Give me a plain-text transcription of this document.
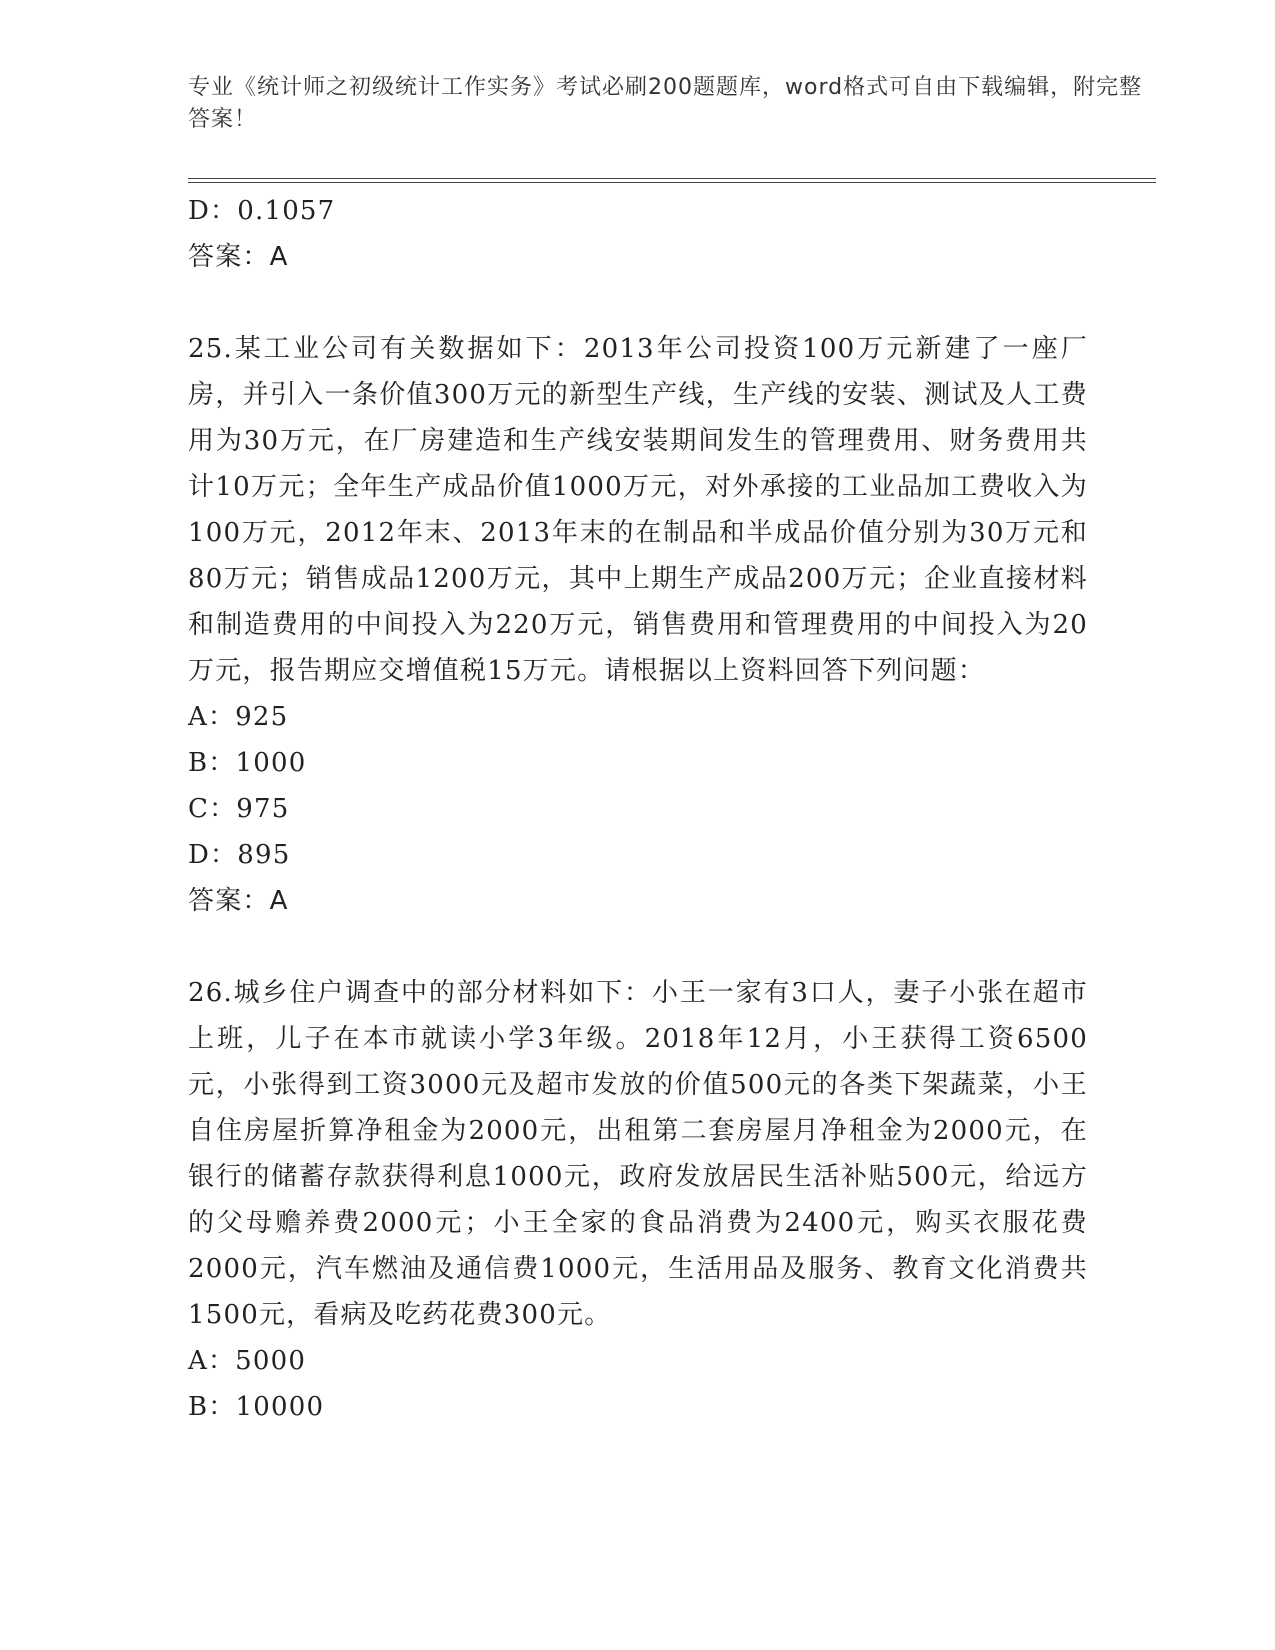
专业《统计师之初级统计工作实务》考试必刷200题题库，word格式可自由下载编辑，附完整答案！

D：0.1057

答案：A

25.某工业公司有关数据如下：2013年公司投资100万元新建了一座厂房，并引入一条价值300万元的新型生产线，生产线的安装、测试及人工费用为30万元，在厂房建造和生产线安装期间发生的管理费用、财务费用共计10万元；全年生产成品价值1000万元，对外承接的工业品加工费收入为100万元，2012年末、2013年末的在制品和半成品价值分别为30万元和80万元；销售成品1200万元，其中上期生产成品200万元；企业直接材料和制造费用的中间投入为220万元，销售费用和管理费用的中间投入为20万元，报告期应交增值税15万元。请根据以上资料回答下列问题：

A：925

B：1000

C：975

D：895

答案：A

26.城乡住户调查中的部分材料如下：小王一家有3口人，妻子小张在超市上班，儿子在本市就读小学3年级。2018年12月，小王获得工资6500元，小张得到工资3000元及超市发放的价值500元的各类下架蔬菜，小王自住房屋折算净租金为2000元，出租第二套房屋月净租金为2000元，在银行的储蓄存款获得利息1000元，政府发放居民生活补贴500元，给远方的父母赡养费2000元；小王全家的食品消费为2400元，购买衣服花费2000元，汽车燃油及通信费1000元，生活用品及服务、教育文化消费共1500元，看病及吃药花费300元。

A：5000

B：10000
